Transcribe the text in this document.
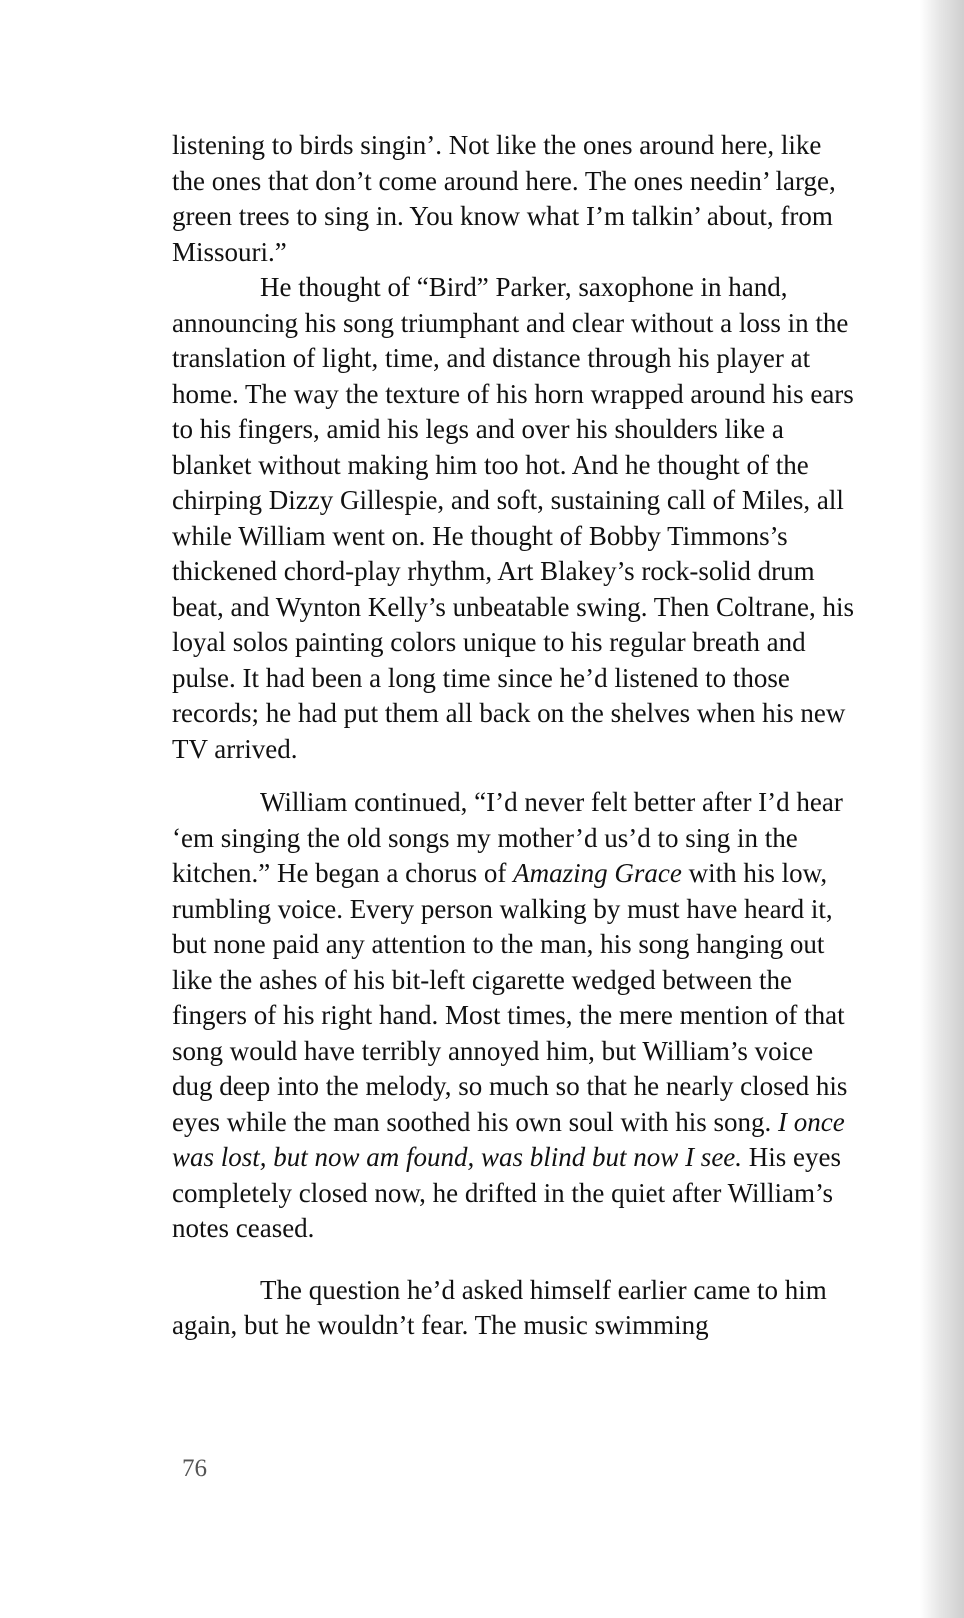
listening to birds singin’. Not like the ones around here, like the ones that don’t come around here. The ones needin’ large, green trees to sing in. You know what I’m talkin’ about, from Missouri.”

He thought of “Bird” Parker, saxophone in hand, announcing his song triumphant and clear without a loss in the translation of light, time, and distance through his player at home. The way the texture of his horn wrapped around his ears to his fingers, amid his legs and over his shoulders like a blanket without making him too hot. And he thought of the chirping Dizzy Gillespie, and soft, sustaining call of Miles, all while William went on. He thought of Bobby Timmons’s thickened chord-play rhythm, Art Blakey’s rock-solid drum beat, and Wynton Kelly’s unbeatable swing. Then Coltrane, his loyal solos painting colors unique to his regular breath and pulse. It had been a long time since he’d listened to those records; he had put them all back on the shelves when his new TV arrived.

William continued, “I’d never felt better after I’d hear ‘em singing the old songs my mother’d us’d to sing in the kitchen.” He began a chorus of Amazing Grace with his low, rumbling voice. Every person walking by must have heard it, but none paid any attention to the man, his song hanging out like the ashes of his bit-left cigarette wedged between the fingers of his right hand. Most times, the mere mention of that song would have terribly annoyed him, but William’s voice dug deep into the melody, so much so that he nearly closed his eyes while the man soothed his own soul with his song. I once was lost, but now am found, was blind but now I see. His eyes completely closed now, he drifted in the quiet after William’s notes ceased.

The question he’d asked himself earlier came to him again, but he wouldn’t fear. The music swimming

76
